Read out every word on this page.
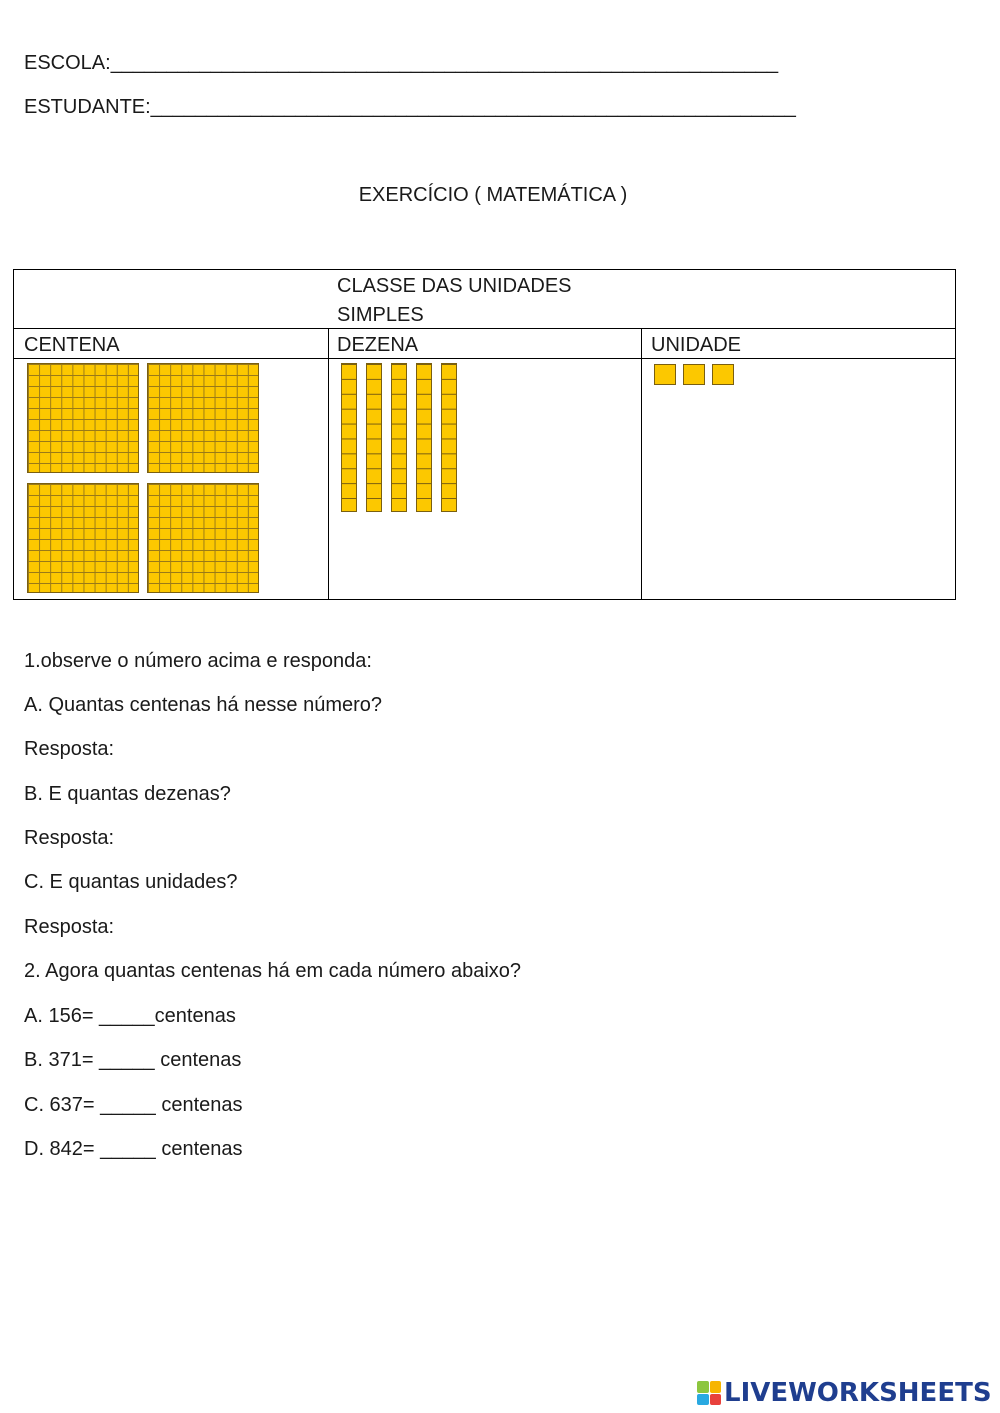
ESCOLA:____________________________________________________________
ESTUDANTE:__________________________________________________________
EXERCÍCIO ( MATEMÁTICA )
CLASSE DAS UNIDADES
SIMPLES
CENTENA	DEZENA	UNIDADE
1.observe o número acima e responda:
A. Quantas centenas há nesse número?
Resposta:
B. E quantas dezenas?
Resposta:
C. E quantas unidades?
Resposta:
2. Agora quantas centenas há em cada número abaixo?
A. 156= _____centenas
B. 371= _____ centenas
C. 637= _____ centenas
D. 842= _____ centenas
LIVEWORKSHEETS
